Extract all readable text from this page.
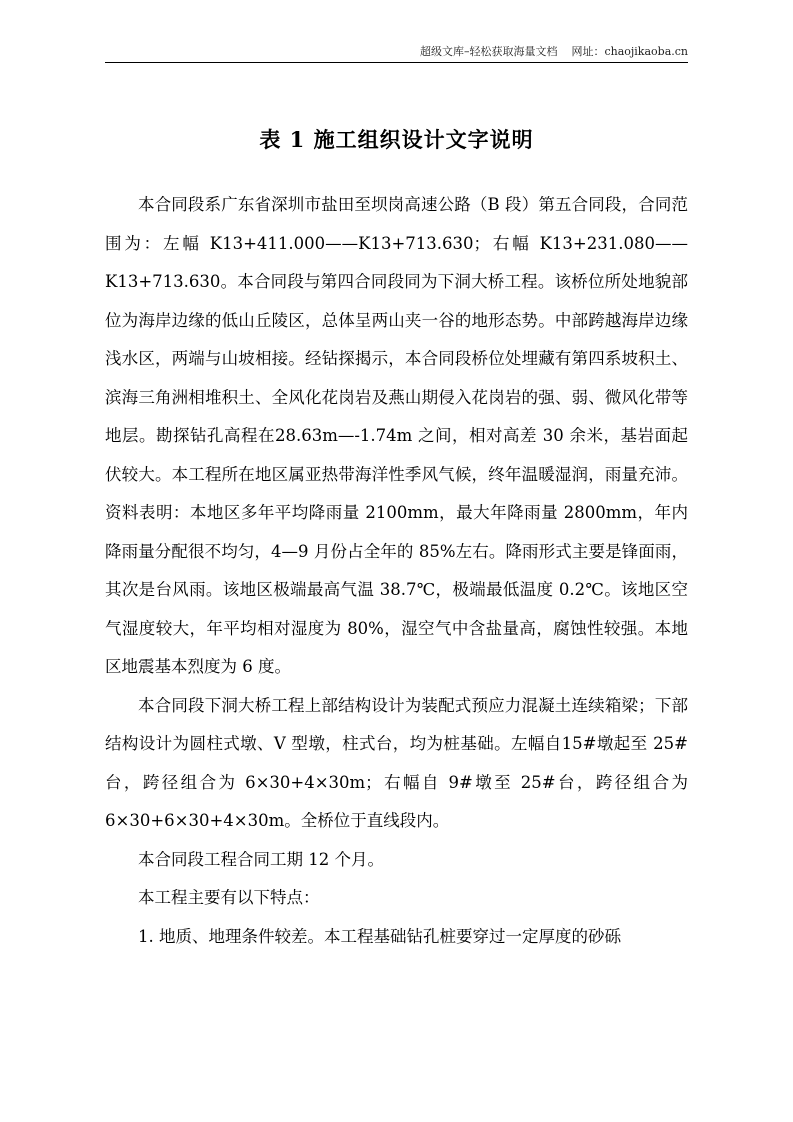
超级文库–轻松获取海量文档 网址：chaojikaoba.cn
表 1 施工组织设计文字说明

本合同段系广东省深圳市盐田至坝岗高速公路（B 段）第五合同段，合同范围为：左幅 K13+411.000——K13+713.630；右幅 K13+231.080——K13+713.630。本合同段与第四合同段同为下洞大桥工程。该桥位所处地貌部位为海岸边缘的低山丘陵区，总体呈两山夹一谷的地形态势。中部跨越海岸边缘浅水区，两端与山坡相接。经钻探揭示，本合同段桥位处埋藏有第四系坡积土、滨海三角洲相堆积土、全风化花岗岩及燕山期侵入花岗岩的强、弱、微风化带等地层。勘探钻孔高程在28.63m—-1.74m 之间，相对高差 30 余米，基岩面起伏较大。本工程所在地区属亚热带海洋性季风气候，终年温暖湿润，雨量充沛。资料表明：本地区多年平均降雨量 2100mm，最大年降雨量 2800mm，年内降雨量分配很不均匀，4—9 月份占全年的 85%左右。降雨形式主要是锋面雨，其次是台风雨。该地区极端最高气温 38.7℃，极端最低温度 0.2℃。该地区空气湿度较大，年平均相对湿度为 80%，湿空气中含盐量高，腐蚀性较强。本地区地震基本烈度为 6 度。

本合同段下洞大桥工程上部结构设计为装配式预应力混凝土连续箱梁；下部结构设计为圆柱式墩、V 型墩，柱式台，均为桩基础。左幅自15#墩起至 25#台，跨径组合为 6×30+4×30m；右幅自 9#墩至 25#台，跨径组合为 6×30+6×30+4×30m。全桥位于直线段内。

本合同段工程合同工期 12 个月。

本工程主要有以下特点：

1. 地质、地理条件较差。本工程基础钻孔桩要穿过一定厚度的砂砾
